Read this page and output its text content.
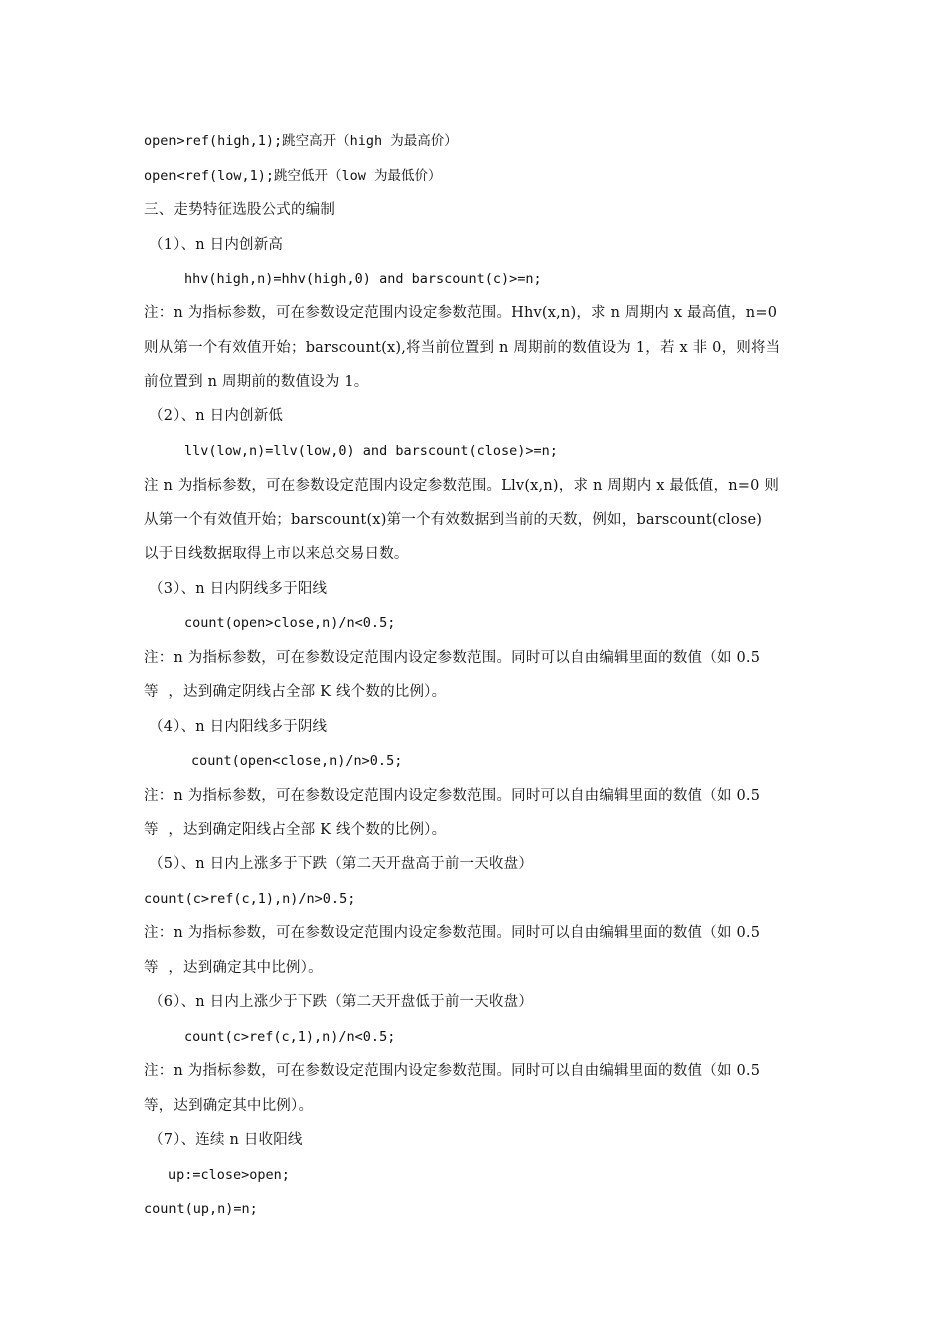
open>ref(high,1);跳空高开（high 为最高价）
open<ref(low,1);跳空低开（low 为最低价）
三、走势特征选股公式的编制
（1）、n 日内创新高
hhv(high,n)=hhv(high,0) and barscount(c)>=n;
注：n 为指标参数，可在参数设定范围内设定参数范围。Hhv(x,n)，求 n 周期内 x 最高值，n=0
则从第一个有效值开始；barscount(x),将当前位置到 n 周期前的数值设为 1，若 x 非 0，则将当
前位置到 n 周期前的数值设为 1。
（2）、n 日内创新低
llv(low,n)=llv(low,0) and barscount(close)>=n;
注 n 为指标参数，可在参数设定范围内设定参数范围。Llv(x,n)，求 n 周期内 x 最低值，n=0 则
从第一个有效值开始；barscount(x)第一个有效数据到当前的天数，例如，barscount(close)
以于日线数据取得上市以来总交易日数。
（3）、n 日内阴线多于阳线
count(open>close,n)/n<0.5;
注：n 为指标参数，可在参数设定范围内设定参数范围。同时可以自由编辑里面的数值（如 0.5
等  ，达到确定阴线占全部 K 线个数的比例）。
（4）、n 日内阳线多于阴线
count(open<close,n)/n>0.5;
注：n 为指标参数，可在参数设定范围内设定参数范围。同时可以自由编辑里面的数值（如 0.5
等  ，达到确定阳线占全部 K 线个数的比例）。
（5）、n 日内上涨多于下跌（第二天开盘高于前一天收盘）
count(c>ref(c,1),n)/n>0.5;
注：n 为指标参数，可在参数设定范围内设定参数范围。同时可以自由编辑里面的数值（如 0.5
等  ，达到确定其中比例）。
（6）、n 日内上涨少于下跌（第二天开盘低于前一天收盘）
count(c>ref(c,1),n)/n<0.5;
注：n 为指标参数，可在参数设定范围内设定参数范围。同时可以自由编辑里面的数值（如 0.5
等，达到确定其中比例）。
（7）、连续 n 日收阳线
up:=close>open;
count(up,n)=n;
